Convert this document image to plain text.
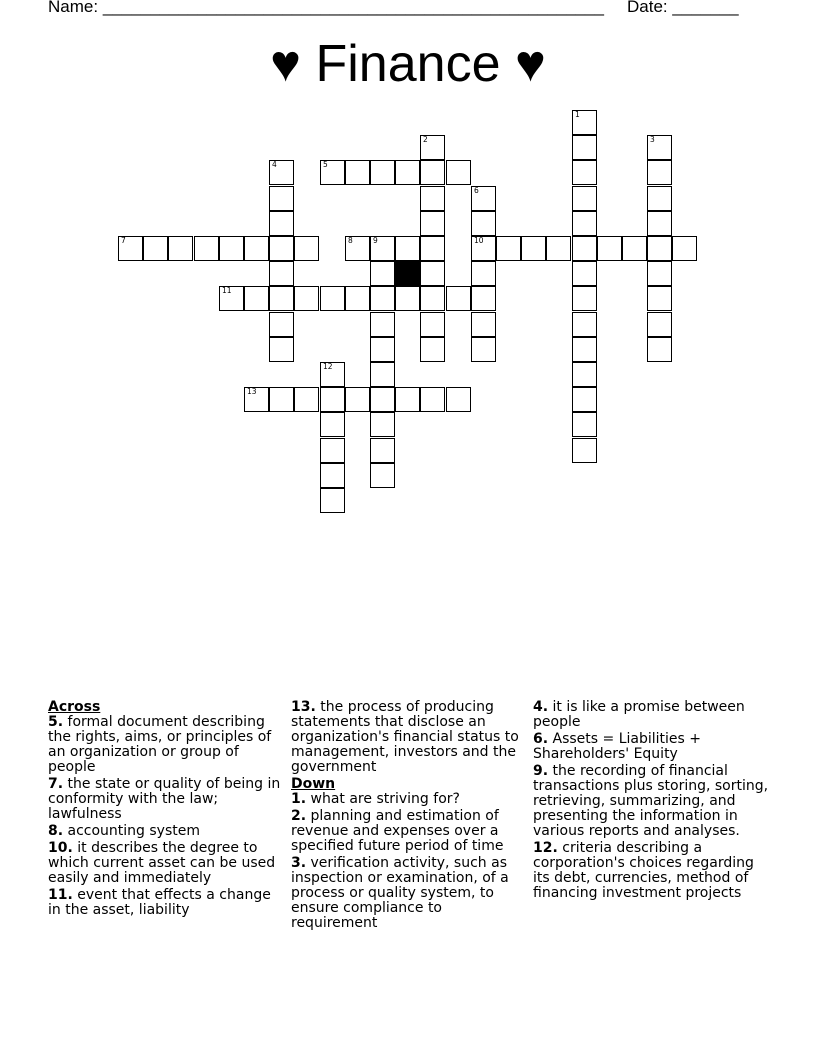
Name: _____________________________________________________ Date: _______
♥ Finance ♥
5
7	8	9	10
11
13
1
2	3
4
6
12
Across
5. formal document describing the rights, aims, or principles of an organization or group of people
7. the state or quality of being in conformity with the law; lawfulness
8. accounting system
10. it describes the degree to which current asset can be used easily and immediately
11. event that effects a change in the asset, liability
13. the process of producing statements that disclose an organization's financial status to management, investors and the government
Down
1. what are striving for?
2. planning and estimation of revenue and expenses over a specified future period of time
3. verification activity, such as inspection or examination, of a process or quality system, to ensure compliance to requirement
4. it is like a promise between people
6. Assets = Liabilities + Shareholders' Equity
9. the recording of financial transactions plus storing, sorting, retrieving, summarizing, and presenting the information in various reports and analyses.
12. criteria describing a corporation's choices regarding its debt, currencies, method of financing investment projects
